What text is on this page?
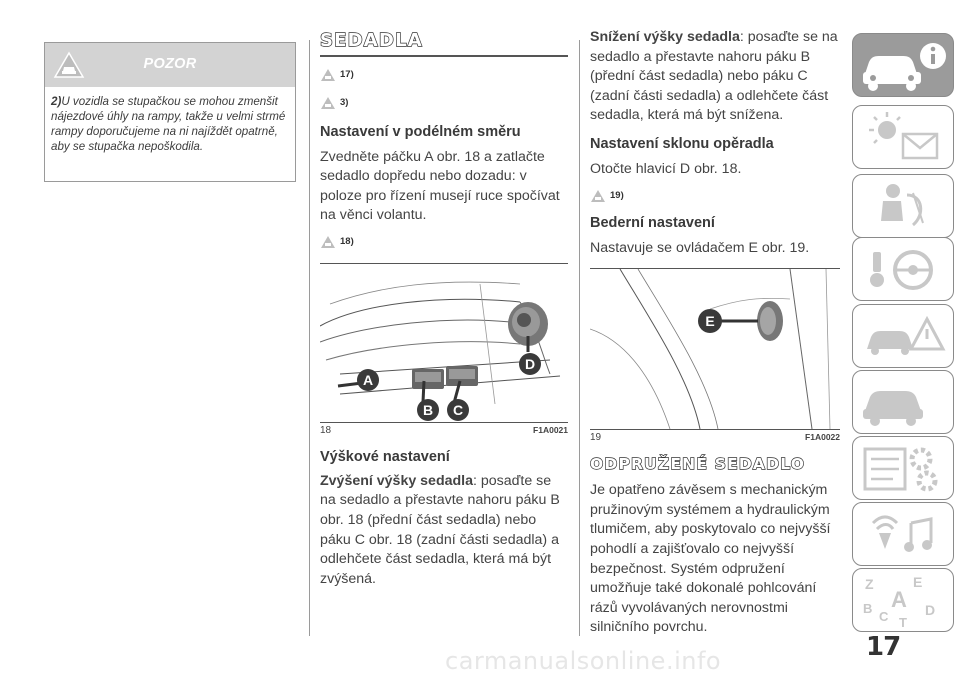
POZOR
2)U vozidla se stupačkou se mohou zmenšit nájezdové úhly na rampy, takže u velmi strmé rampy doporučujeme na ni najíždět opatrně, aby se stupačka nepoškodila.
SEDADLA
17)
3)
Nastavení v podélném směru
Zvedněte páčku A obr. 18 a zatlačte sedadlo dopředu nebo dozadu: v poloze pro řízení musejí ruce spočívat na věnci volantu.
18)
A
B C
D
18	F1A0021
Výškové nastavení
Zvýšení výšky sedadla: posaďte se na sedadlo a přestavte nahoru páku B obr. 18 (přední část sedadla) nebo páku C obr. 18 (zadní části sedadla) a odlehčete část sedadla, která má být zvýšená.
Snížení výšky sedadla: posaďte se na sedadlo a přestavte nahoru páku B (přední část sedadla) nebo páku C (zadní části sedadla) a odlehčete část sedadla, která má být snížena.
Nastavení sklonu opěradla
Otočte hlavicí D obr. 18.
19)
Bederní nastavení
Nastavuje se ovládačem E obr. 19.
E
19	F1A0022
ODPRUŽENÉ SEDADLO
Je opatřeno závěsem s mechanickým pružinovým systémem a hydraulickým tlumičem, aby poskytovalo co nejvyšší pohodlí a zajišťovalo co nejvyšší bezpečnost. Systém odpružení umožňuje také dokonalé pohlcování rázů vyvolávaných nerovnostmi silničního povrchu.
Z	E
B A
C T
D
17
carmanualsonline.info
